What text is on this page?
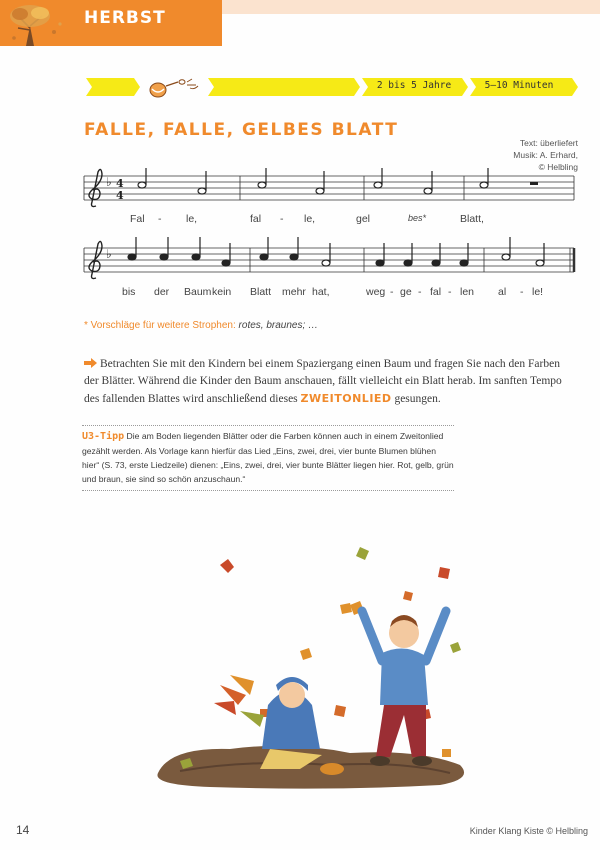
HERBST
2 bis 5 Jahre	5–10 Minuten
FALLE, FALLE, GELBES BLATT
Text: überliefert
Musik: A. Erhard,
© Helbling
♭ 4
4
♭
Fal - le,	fal - le,	gel	bes*	Blatt,
bis der Baum kein Blatt mehr hat,	weg - ge - fal - len al - le!
* Vorschläge für weitere Strophen: rotes, braunes; …
Betrachten Sie mit den Kindern bei einem Spaziergang einen Baum und fragen Sie nach den Farben der Blätter. Während die Kinder den Baum anschauen, fällt vielleicht ein Blatt herab. Im sanften Tempo des fallenden Blattes wird anschließend dieses ZWEITONLIED gesungen.
U3-Tipp Die am Boden liegenden Blätter oder die Farben können auch in einem Zweitonlied gezählt werden. Als Vorlage kann hierfür das Lied „Eins, zwei, drei, vier bunte Blumen blühen hier“ (S. 73, erste Liedzeile) dienen: „Eins, zwei, drei, vier bunte Blätter liegen hier. Rot, gelb, grün und braun, sie sind so schön anzuschaun.“
14	Kinder Klang Kiste © Helbling
